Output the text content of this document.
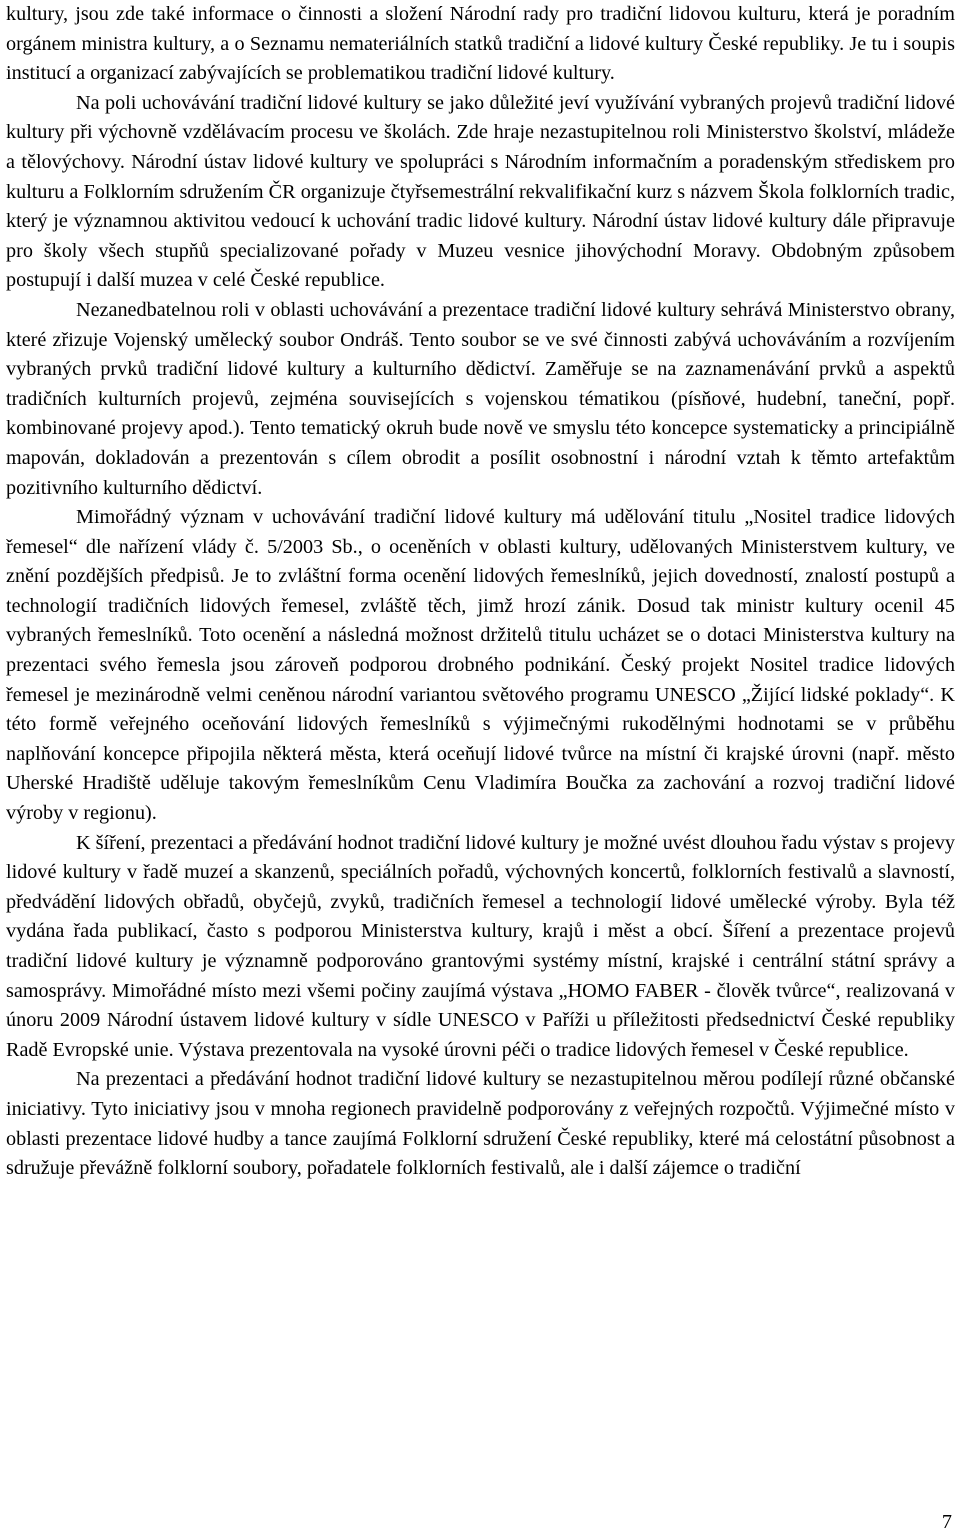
kultury, jsou zde také informace o činnosti a složení Národní rady pro tradiční lidovou kulturu, která je poradním orgánem ministra kultury, a o Seznamu nemateriálních statků tradiční a lidové kultury České republiky. Je tu i soupis institucí a organizací zabývajících se problematikou tradiční lidové kultury.

Na poli uchovávání tradiční lidové kultury se jako důležité jeví využívání vybraných projevů tradiční lidové kultury při výchovně vzdělávacím procesu ve školách. Zde hraje nezastupitelnou roli Ministerstvo školství, mládeže a tělovýchovy. Národní ústav lidové kultury ve spolupráci s Národním informačním a poradenským střediskem pro kulturu a Folklorním sdružením ČR organizuje čtyřsemestrální rekvalifikační kurz s názvem Škola folklorních tradic, který je významnou aktivitou vedoucí k uchování tradic lidové kultury. Národní ústav lidové kultury dále připravuje pro školy všech stupňů specializované pořady v Muzeu vesnice jihovýchodní Moravy. Obdobným způsobem postupují i další muzea v celé České republice.

Nezanedbatelnou roli v oblasti uchovávání a prezentace tradiční lidové kultury sehrává Ministerstvo obrany, které zřizuje Vojenský umělecký soubor Ondráš. Tento soubor se ve své činnosti zabývá uchováváním a rozvíjením vybraných prvků tradiční lidové kultury a kulturního dědictví. Zaměřuje se na zaznamenávání prvků a aspektů tradičních kulturních projevů, zejména souvisejících s vojenskou tématikou (písňové, hudební, taneční, popř. kombinované projevy apod.). Tento tematický okruh bude nově ve smyslu této koncepce systematicky a principiálně mapován, dokladován a prezentován s cílem obrodit a posílit osobnostní i národní vztah k těmto artefaktům pozitivního kulturního dědictví.

Mimořádný význam v uchovávání tradiční lidové kultury má udělování titulu „Nositel tradice lidových řemesel“ dle nařízení vlády č. 5/2003 Sb., o oceněních v oblasti kultury, udělovaných Ministerstvem kultury, ve znění pozdějších předpisů. Je to zvláštní forma ocenění lidových řemeslníků, jejich dovedností, znalostí postupů a technologií tradičních lidových řemesel, zvláště těch, jimž hrozí zánik. Dosud tak ministr kultury ocenil 45 vybraných řemeslníků. Toto ocenění a následná možnost držitelů titulu ucházet se o dotaci Ministerstva kultury na prezentaci svého řemesla jsou zároveň podporou drobného podnikání. Český projekt Nositel tradice lidových řemesel je mezinárodně velmi ceněnou národní variantou světového programu UNESCO „Žijící lidské poklady“. K této formě veřejného oceňování lidových řemeslníků s výjimečnými rukodělnými hodnotami se v průběhu naplňování koncepce připojila některá města, která oceňují lidové tvůrce na místní či krajské úrovni (např. město Uherské Hradiště uděluje takovým řemeslníkům Cenu Vladimíra Boučka za zachování a rozvoj tradiční lidové výroby v regionu).

K šíření, prezentaci a předávání hodnot tradiční lidové kultury je možné uvést dlouhou řadu výstav s projevy lidové kultury v řadě muzeí a skanzenů, speciálních pořadů, výchovných koncertů, folklorních festivalů a slavností, předvádění lidových obřadů, obyčejů, zvyků, tradičních řemesel a technologií lidové umělecké výroby. Byla též vydána řada publikací, často s podporou Ministerstva kultury, krajů i měst a obcí. Šíření a prezentace projevů tradiční lidové kultury je významně podporováno grantovými systémy místní, krajské i centrální státní správy a samosprávy. Mimořádné místo mezi všemi počiny zaujímá výstava „HOMO FABER - člověk tvůrce“, realizovaná v únoru 2009 Národní ústavem lidové kultury v sídle UNESCO v Paříži u příležitosti předsednictví České republiky Radě Evropské unie. Výstava prezentovala na vysoké úrovni péči o tradice lidových řemesel v České republice.

Na prezentaci a předávání hodnot tradiční lidové kultury se nezastupitelnou měrou podílejí různé občanské iniciativy. Tyto iniciativy jsou v mnoha regionech pravidelně podporovány z veřejných rozpočtů. Výjimečné místo v oblasti prezentace lidové hudby a tance zaujímá Folklorní sdružení České republiky, které má celostátní působnost a sdružuje převážně folklorní soubory, pořadatele folklorních festivalů, ale i další zájemce o tradiční

7
